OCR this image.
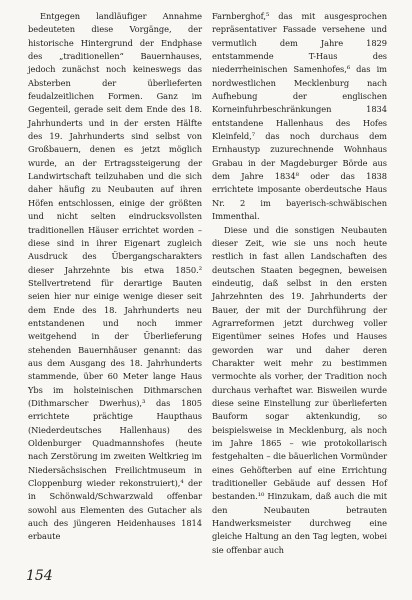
Entgegen landläufiger Annahme bedeuteten diese Vorgänge, der historische Hintergrund der Endphase des „traditionellen“ Bauernhauses, jedoch zunächst noch keineswegs das Absterben der überlieferten feudalzeitlichen Formen. Ganz im Gegenteil, gerade seit dem Ende des 18. Jahrhunderts und in der ersten Hälfte des 19. Jahrhunderts sind selbst von Großbauern, denen es jetzt möglich wurde, an der Ertragssteigerung der Landwirtschaft teilzuhaben und die sich daher häufig zu Neubauten auf ihren Höfen entschlossen, einige der größten und nicht selten eindrucksvollsten traditionellen Häuser errichtet worden – diese sind in ihrer Eigenart zugleich Ausdruck des Übergangscharakters dieser Jahrzehnte bis etwa 1850.² Stellvertretend für derartige Bauten seien hier nur einige wenige dieser seit dem Ende des 18. Jahrhunderts neu entstandenen und noch immer weitgehend in der Überlieferung stehenden Bauernhäuser genannt: das aus dem Ausgang des 18. Jahrhunderts stammende, über 60 Meter lange Haus Ybs im holsteinischen Dithmarschen (Dithmarscher Dwerhus),³ das 1805 errichtete prächtige Haupthaus (Niederdeutsches Hallenhaus) des Oldenburger Quadmannshofes (heute nach Zerstörung im zweiten Weltkrieg im Niedersächsischen Freilichtmuseum in Cloppenburg wieder rekonstruiert),⁴ der in Schönwald/Schwarzwald offenbar sowohl aus Elementen des Gutacher als auch des jüngeren Heidenhauses 1814 erbaute

Farnberghof,⁵ das mit ausgesprochen repräsentativer Fassade versehene und vermutlich dem Jahre 1829 entstammende T-Haus des niederrheinischen Samenhofes,⁶ das im nordwestlichen Mecklenburg nach Aufhebung der englischen Korneinfuhrbeschränkungen 1834 entstandene Hallenhaus des Hofes Kleinfeld,⁷ das noch durchaus dem Ernhaustyp zuzurechnende Wohnhaus Grabau in der Magdeburger Börde aus dem Jahre 1834⁸ oder das 1838 errichtete imposante oberdeutsche Haus Nr. 2 im bayerisch-schwäbischen Immenthal.

Diese und die sonstigen Neubauten dieser Zeit, wie sie uns noch heute restlich in fast allen Landschaften des deutschen Staaten begegnen, beweisen eindeutig, daß selbst in den ersten Jahrzehnten des 19. Jahrhunderts der Bauer, der mit der Durchführung der Agrarreformen jetzt durchweg voller Eigentümer seines Hofes und Hauses geworden war und daher deren Charakter weit mehr zu bestimmen vermochte als vorher, der Tradition noch durchaus verhaftet war. Bisweilen wurde diese seine Einstellung zur überlieferten Bauform sogar aktenkundig, so beispielsweise in Mecklenburg, als noch im Jahre 1865 – wie protokollarisch festgehalten – die bäuerlichen Vormünder eines Gehöfterben auf eine Errichtung traditioneller Gebäude auf dessen Hof bestanden.¹⁰ Hinzukam, daß auch die mit den Neubauten betrauten Handwerksmeister durchweg eine gleiche Haltung an den Tag legten, wobei sie offenbar auch

154
